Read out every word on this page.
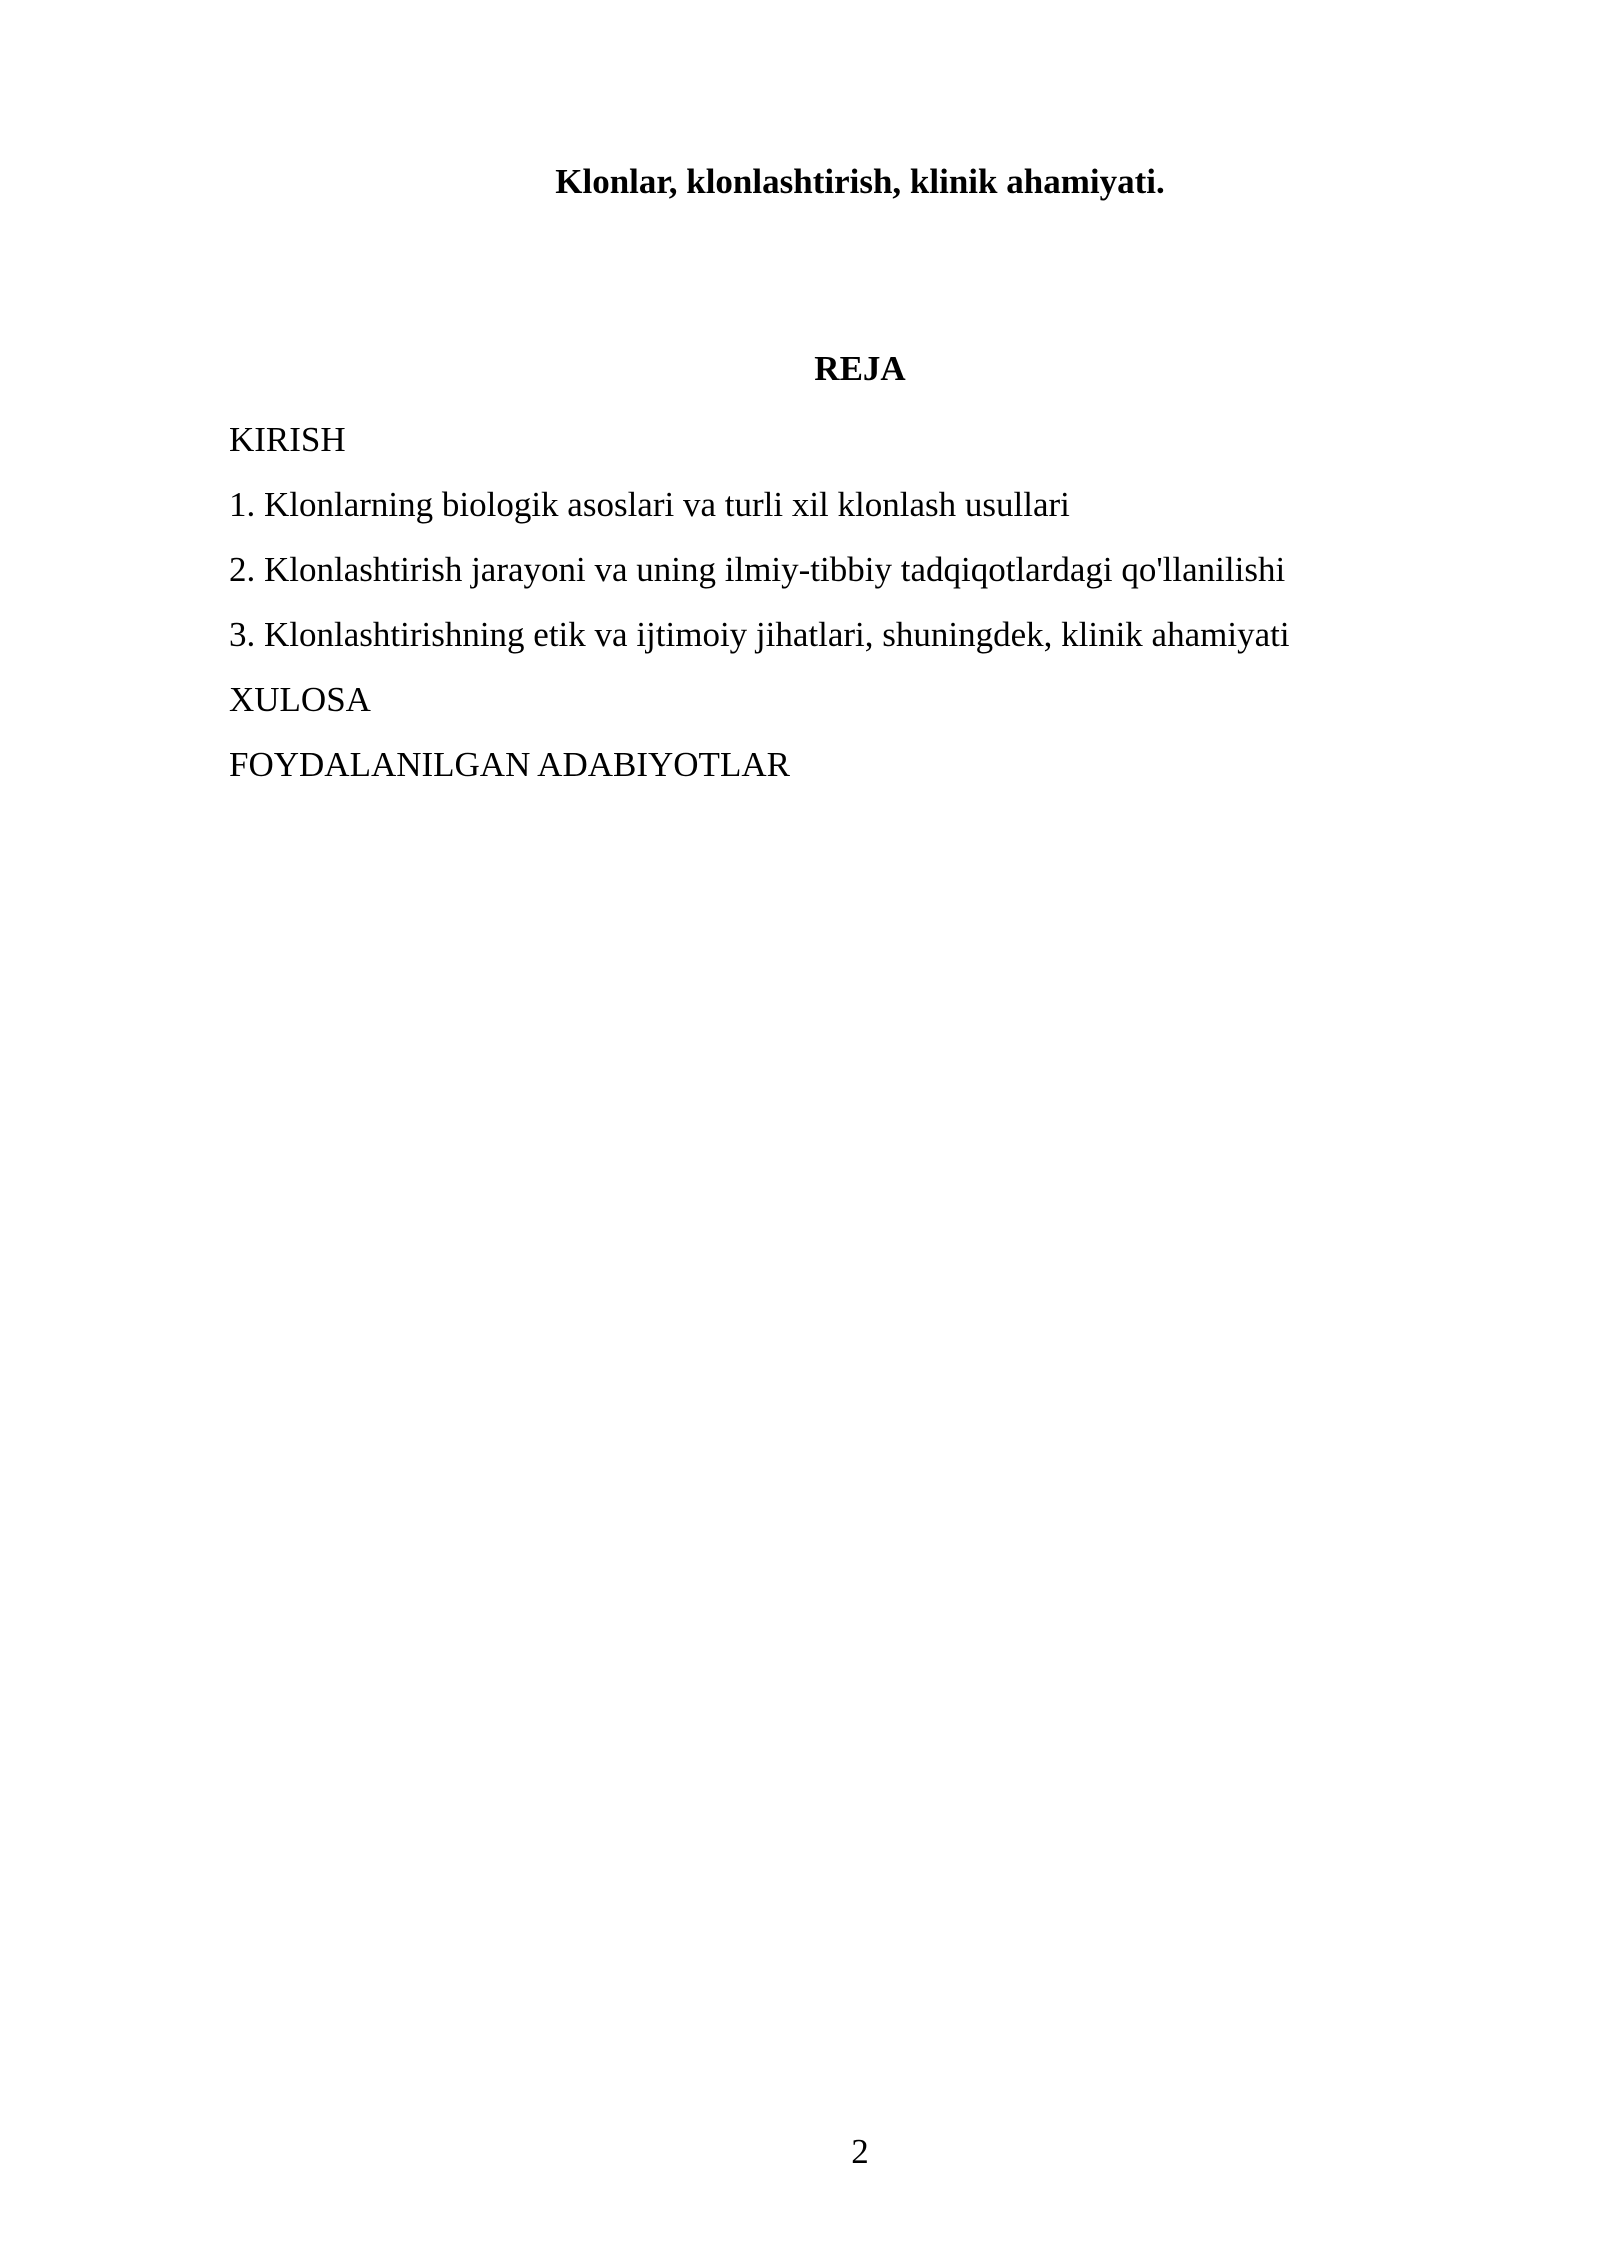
Klonlar, klonlashtirish, klinik ahamiyati.
REJA
KIRISH
1. Klonlarning biologik asoslari va turli xil klonlash usullari
2. Klonlashtirish jarayoni va uning ilmiy-tibbiy tadqiqotlardagi qo'llanilishi
3. Klonlashtirishning etik va ijtimoiy jihatlari, shuningdek, klinik ahamiyati
XULOSA
FOYDALANILGAN ADABIYOTLAR
2
